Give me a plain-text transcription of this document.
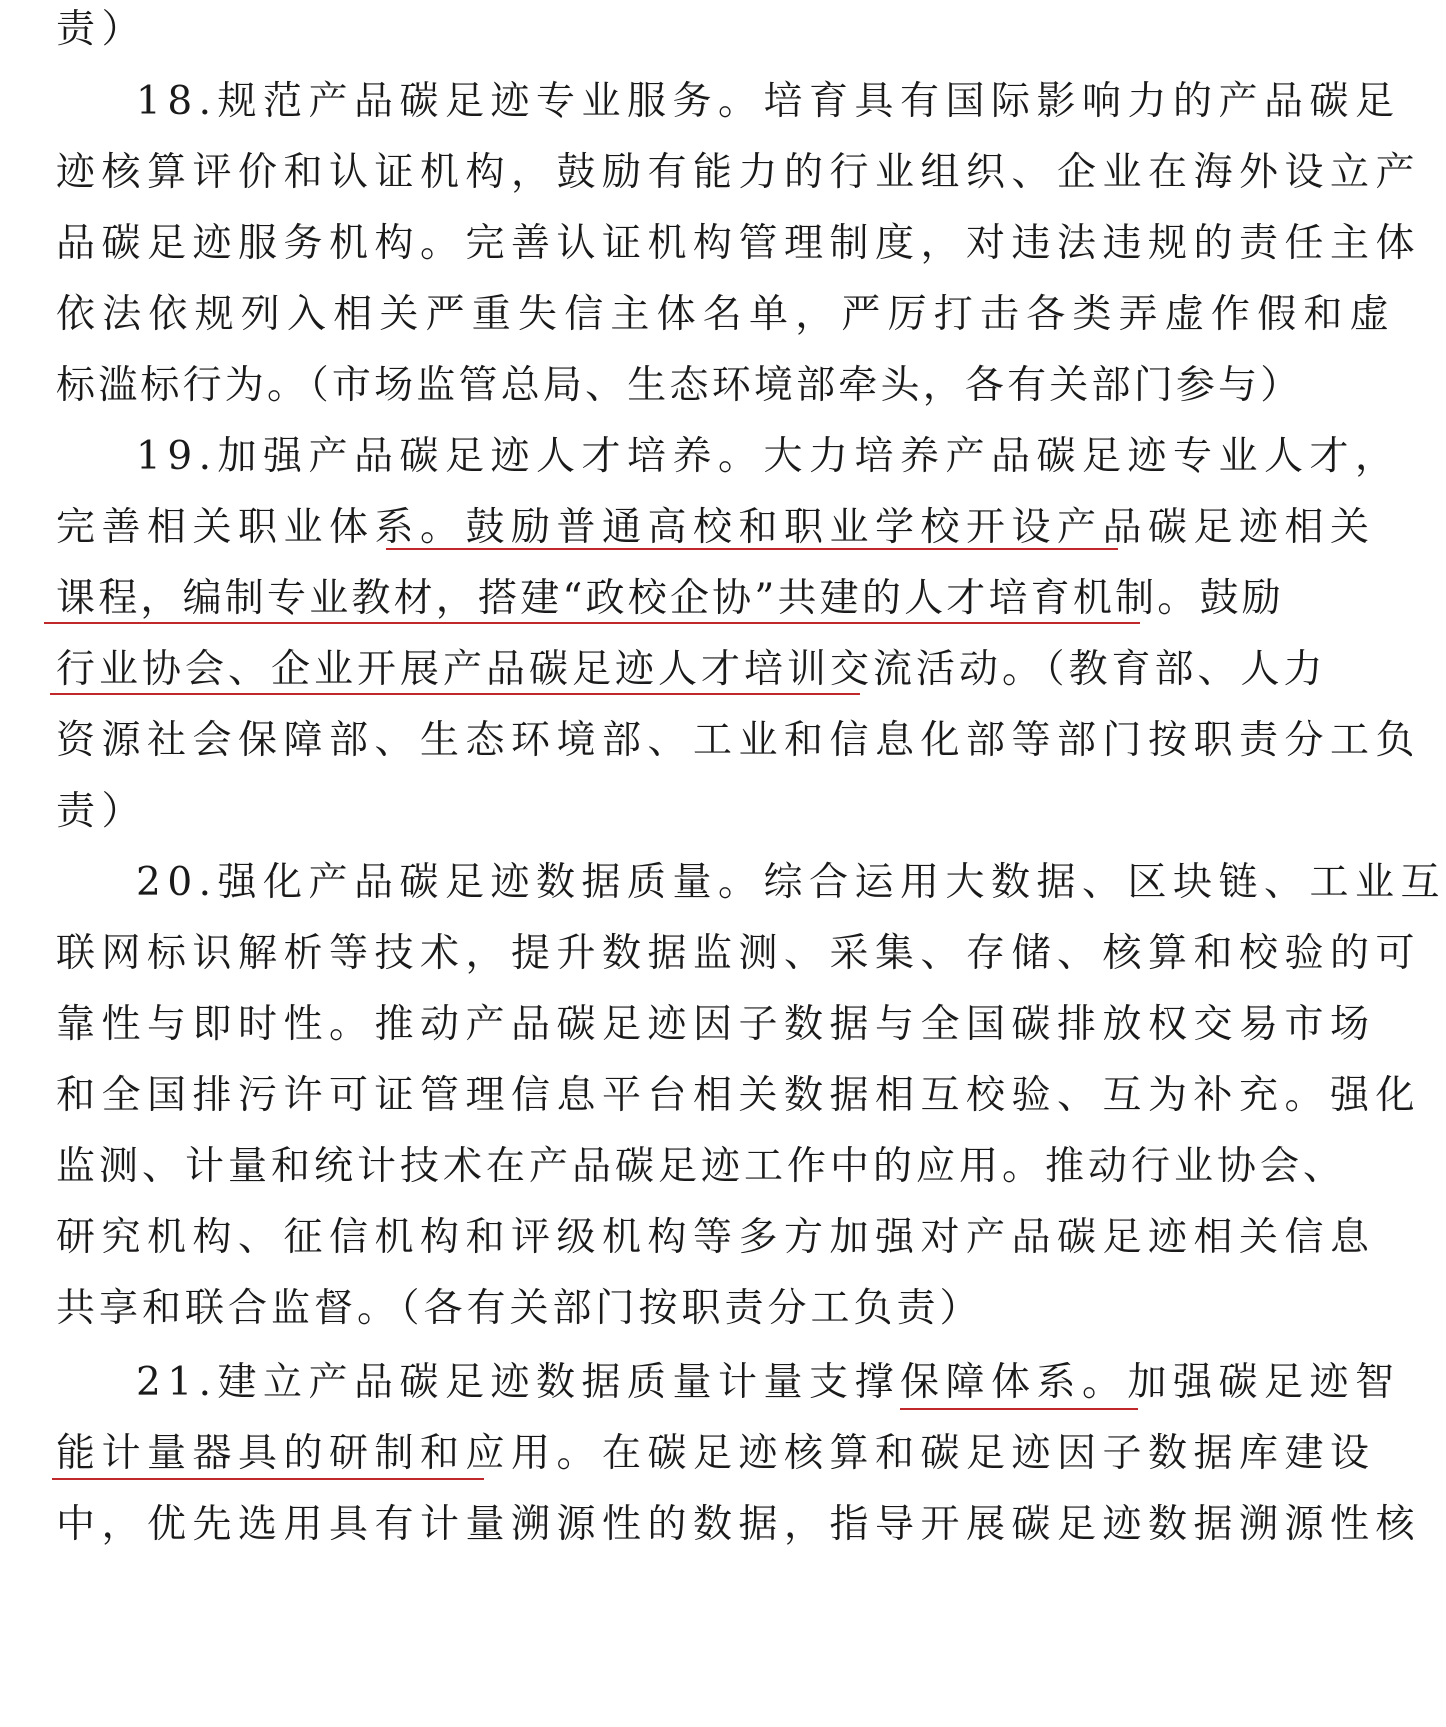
责）
18.规范产品碳足迹专业服务。培育具有国际影响力的产品碳足
迹核算评价和认证机构，鼓励有能力的行业组织、企业在海外设立产
品碳足迹服务机构。完善认证机构管理制度，对违法违规的责任主体
依法依规列入相关严重失信主体名单，严厉打击各类弄虚作假和虚
标滥标行为。（市场监管总局、生态环境部牵头，各有关部门参与）
19.加强产品碳足迹人才培养。大力培养产品碳足迹专业人才，
完善相关职业体系。鼓励普通高校和职业学校开设产品碳足迹相关
课程，编制专业教材，搭建“政校企协”共建的人才培育机制。鼓励
行业协会、企业开展产品碳足迹人才培训交流活动。（教育部、人力
资源社会保障部、生态环境部、工业和信息化部等部门按职责分工负
责）
20.强化产品碳足迹数据质量。综合运用大数据、区块链、工业互
联网标识解析等技术，提升数据监测、采集、存储、核算和校验的可
靠性与即时性。推动产品碳足迹因子数据与全国碳排放权交易市场
和全国排污许可证管理信息平台相关数据相互校验、互为补充。强化
监测、计量和统计技术在产品碳足迹工作中的应用。推动行业协会、
研究机构、征信机构和评级机构等多方加强对产品碳足迹相关信息
共享和联合监督。（各有关部门按职责分工负责）
21.建立产品碳足迹数据质量计量支撑保障体系。加强碳足迹智
能计量器具的研制和应用。在碳足迹核算和碳足迹因子数据库建设
中，优先选用具有计量溯源性的数据，指导开展碳足迹数据溯源性核
